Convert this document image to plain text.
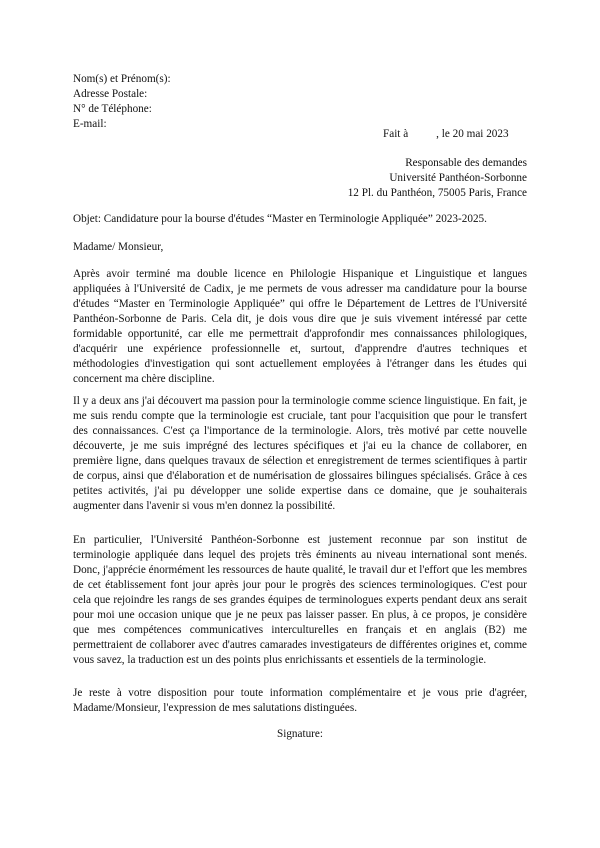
Nom(s) et Prénom(s):
Adresse Postale:
N° de Téléphone:
E-mail:
Fait à	, le 20 mai 2023
Responsable des demandes
Université Panthéon-Sorbonne
12 Pl. du Panthéon, 75005 Paris, France
Objet: Candidature pour la bourse d'études “Master en Terminologie Appliquée” 2023-2025.
Madame/ Monsieur,

Après avoir terminé ma double licence en Philologie Hispanique et Linguistique et langues appliquées à l'Université de Cadix, je me permets de vous adresser ma candidature pour la bourse d'études “Master en Terminologie Appliquée” qui offre le Département de Lettres de l'Université Panthéon-Sorbonne de Paris. Cela dit, je dois vous dire que je suis vivement intéressé par cette formidable opportunité, car elle me permettrait d'approfondir mes connaissances philologiques, d'acquérir une expérience professionnelle et, surtout, d'apprendre d'autres techniques et méthodologies d'investigation qui sont actuellement employées à l'étranger dans les études qui concernent ma chère discipline.

Il y a deux ans j'ai découvert ma passion pour la terminologie comme science linguistique. En fait, je me suis rendu compte que la terminologie est cruciale, tant pour l'acquisition que pour le transfert des connaissances. C'est ça l'importance de la terminologie. Alors, très motivé par cette nouvelle découverte, je me suis imprégné des lectures spécifiques et j'ai eu la chance de collaborer, en première ligne, dans quelques travaux de sélection et enregistrement de termes scientifiques à partir de corpus, ainsi que d'élaboration et de numérisation de glossaires bilingues spécialisés. Grâce à ces petites activités, j'ai pu développer une solide expertise dans ce domaine, que je souhaiterais augmenter dans l'avenir si vous m'en donnez la possibilité.

En particulier, l'Université Panthéon-Sorbonne est justement reconnue par son institut de terminologie appliquée dans lequel des projets très éminents au niveau international sont menés. Donc, j'apprécie énormément les ressources de haute qualité, le travail dur et l'effort que les membres de cet établissement font jour après jour pour le progrès des sciences terminologiques. C'est pour cela que rejoindre les rangs de ses grandes équipes de terminologues experts pendant deux ans serait pour moi une occasion unique que je ne peux pas laisser passer. En plus, à ce propos, je considère que mes compétences communicatives interculturelles en français et en anglais (B2) me permettraient de collaborer avec d'autres camarades investigateurs de différentes origines et, comme vous savez, la traduction est un des points plus enrichissants et essentiels de la terminologie.

Je reste à votre disposition pour toute information complémentaire et je vous prie d'agréer, Madame/Monsieur, l'expression de mes salutations distinguées.

Signature:
